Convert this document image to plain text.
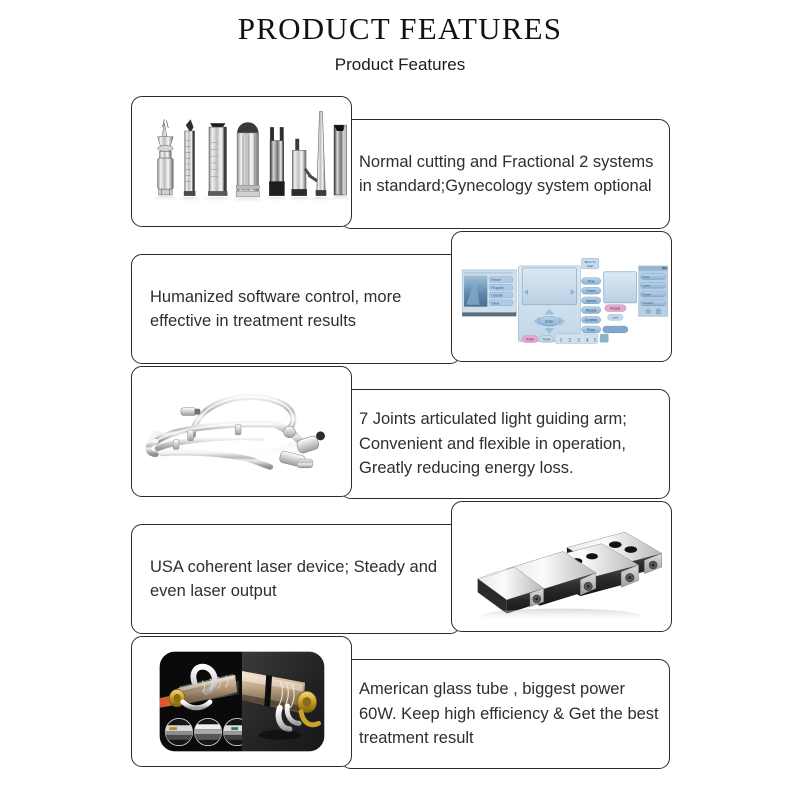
PRODUCT FEATURES
Product Features

Normal cutting and Fractional 2 systems in standard;Gynecology system optional

Humanized software control, more effective in treatment results

Preset
Program
Operate
Value
Enter
Knife Tools
Back To
Start
Time
Power
Speed
Repeat
Duration
Place
Ready
Lock
Dose
Laser
Power
Confirm
1 2 3 4 5

7 Joints articulated light guiding arm; Convenient and flexible in operation, Greatly reducing energy loss.

USA coherent laser device; Steady and even laser output

American glass tube , biggest power 60W. Keep high efficiency & Get the best treatment result
